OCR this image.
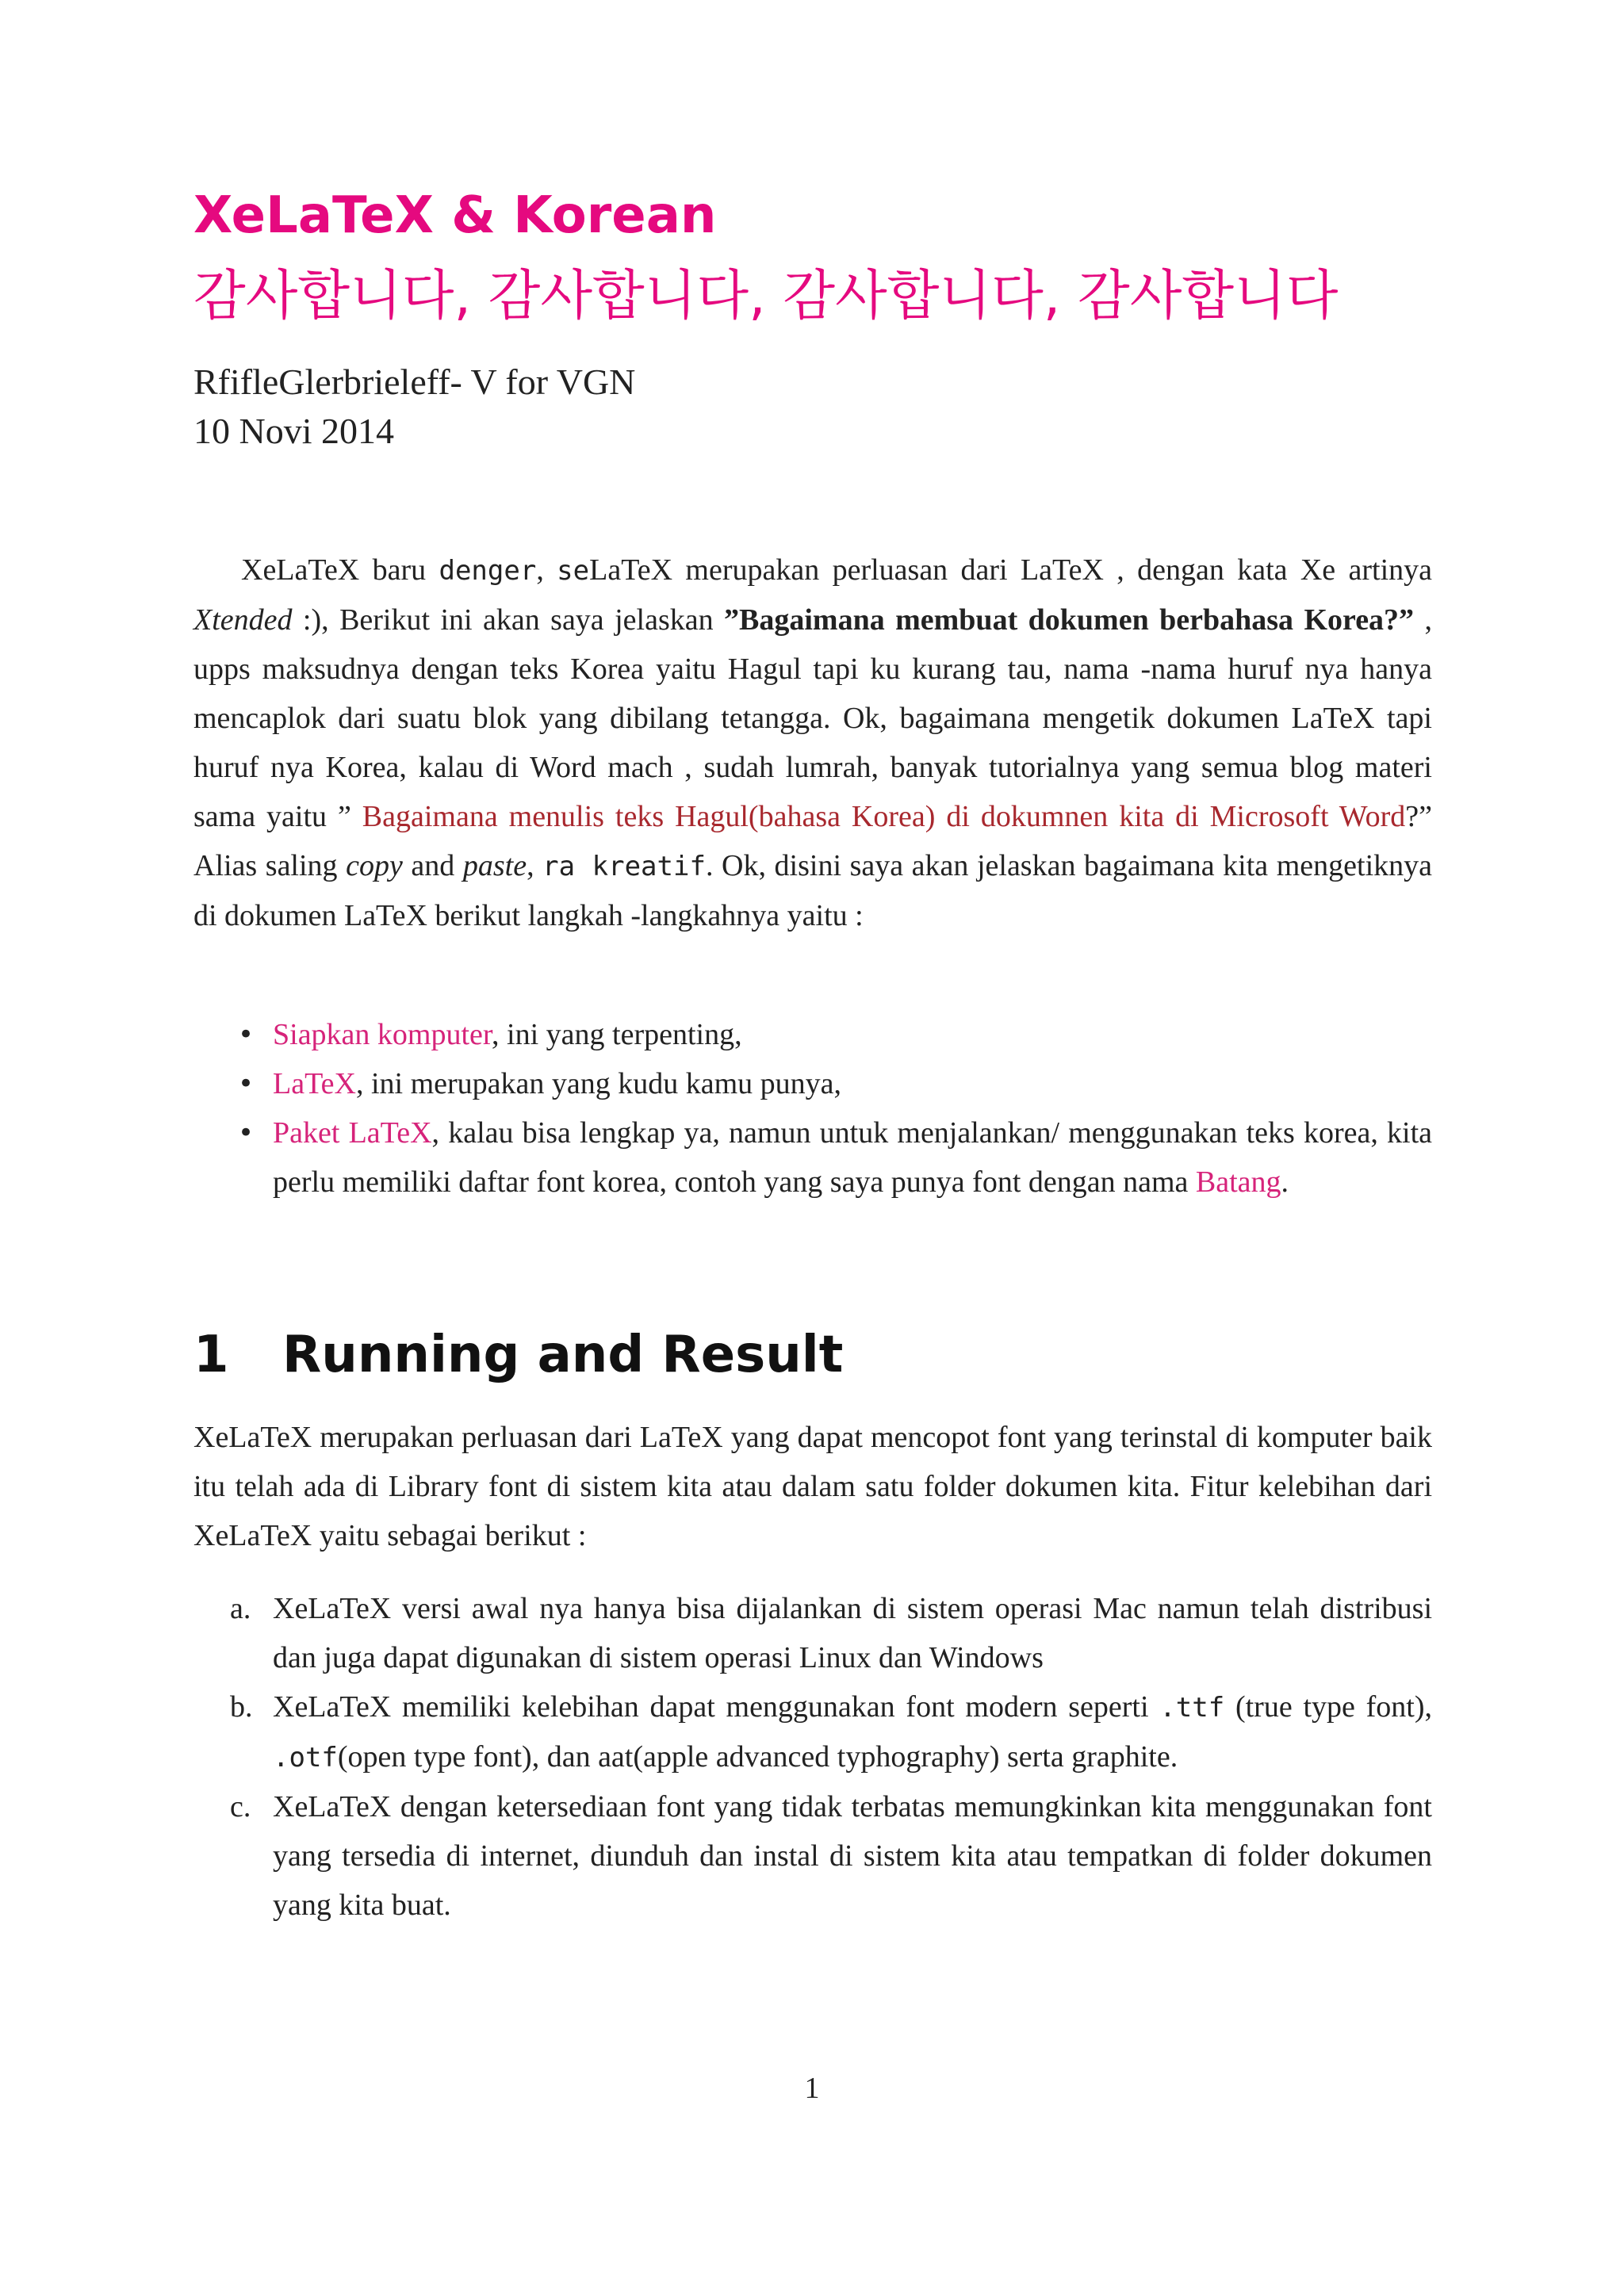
XeLaTeX & Korean
감사합니다, 감사합니다, 감사합니다, 감사합니다
RfifleGlerbrieleff- V for VGN
10 Novi 2014

XeLaTeX baru denger, seLaTeX merupakan perluasan dari LaTeX , dengan kata Xe artinya Xtended :), Berikut ini akan saya jelaskan ”Bagaimana membuat dokumen berbahasa Korea?” , upps maksudnya dengan teks Korea yaitu Hagul tapi ku kurang tau, nama -nama huruf nya hanya mencaplok dari suatu blok yang dibilang tetangga. Ok, bagaimana mengetik dokumen LaTeX tapi huruf nya Korea, kalau di Word mach , sudah lumrah, banyak tutorialnya yang semua blog materi sama yaitu ” Bagaimana menulis teks Hagul(bahasa Korea) di dokumnen kita di Microsoft Word?” Alias saling copy and paste, ra kreatif. Ok, disini saya akan jelaskan bagaimana kita mengetiknya di dokumen LaTeX berikut langkah -langkahnya yaitu :

• Siapkan komputer, ini yang terpenting,
• LaTeX, ini merupakan yang kudu kamu punya,
• Paket LaTeX, kalau bisa lengkap ya, namun untuk menjalankan/ menggunakan teks korea, kita perlu memiliki daftar font korea, contoh yang saya punya font dengan nama Batang.
1 Running and Result

XeLaTeX merupakan perluasan dari LaTeX yang dapat mencopot font yang terinstal di komputer baik itu telah ada di Library font di sistem kita atau dalam satu folder dokumen kita. Fitur kelebihan dari XeLaTeX yaitu sebagai berikut :

a. XeLaTeX versi awal nya hanya bisa dijalankan di sistem operasi Mac namun telah distribusi dan juga dapat digunakan di sistem operasi Linux dan Windows
b. XeLaTeX memiliki kelebihan dapat menggunakan font modern seperti .ttf (true type font), .otf(open type font), dan aat(apple advanced typhography) serta graphite.
c. XeLaTeX dengan ketersediaan font yang tidak terbatas memungkinkan kita menggunakan font yang tersedia di internet, diunduh dan instal di sistem kita atau tempatkan di folder dokumen yang kita buat.
1
